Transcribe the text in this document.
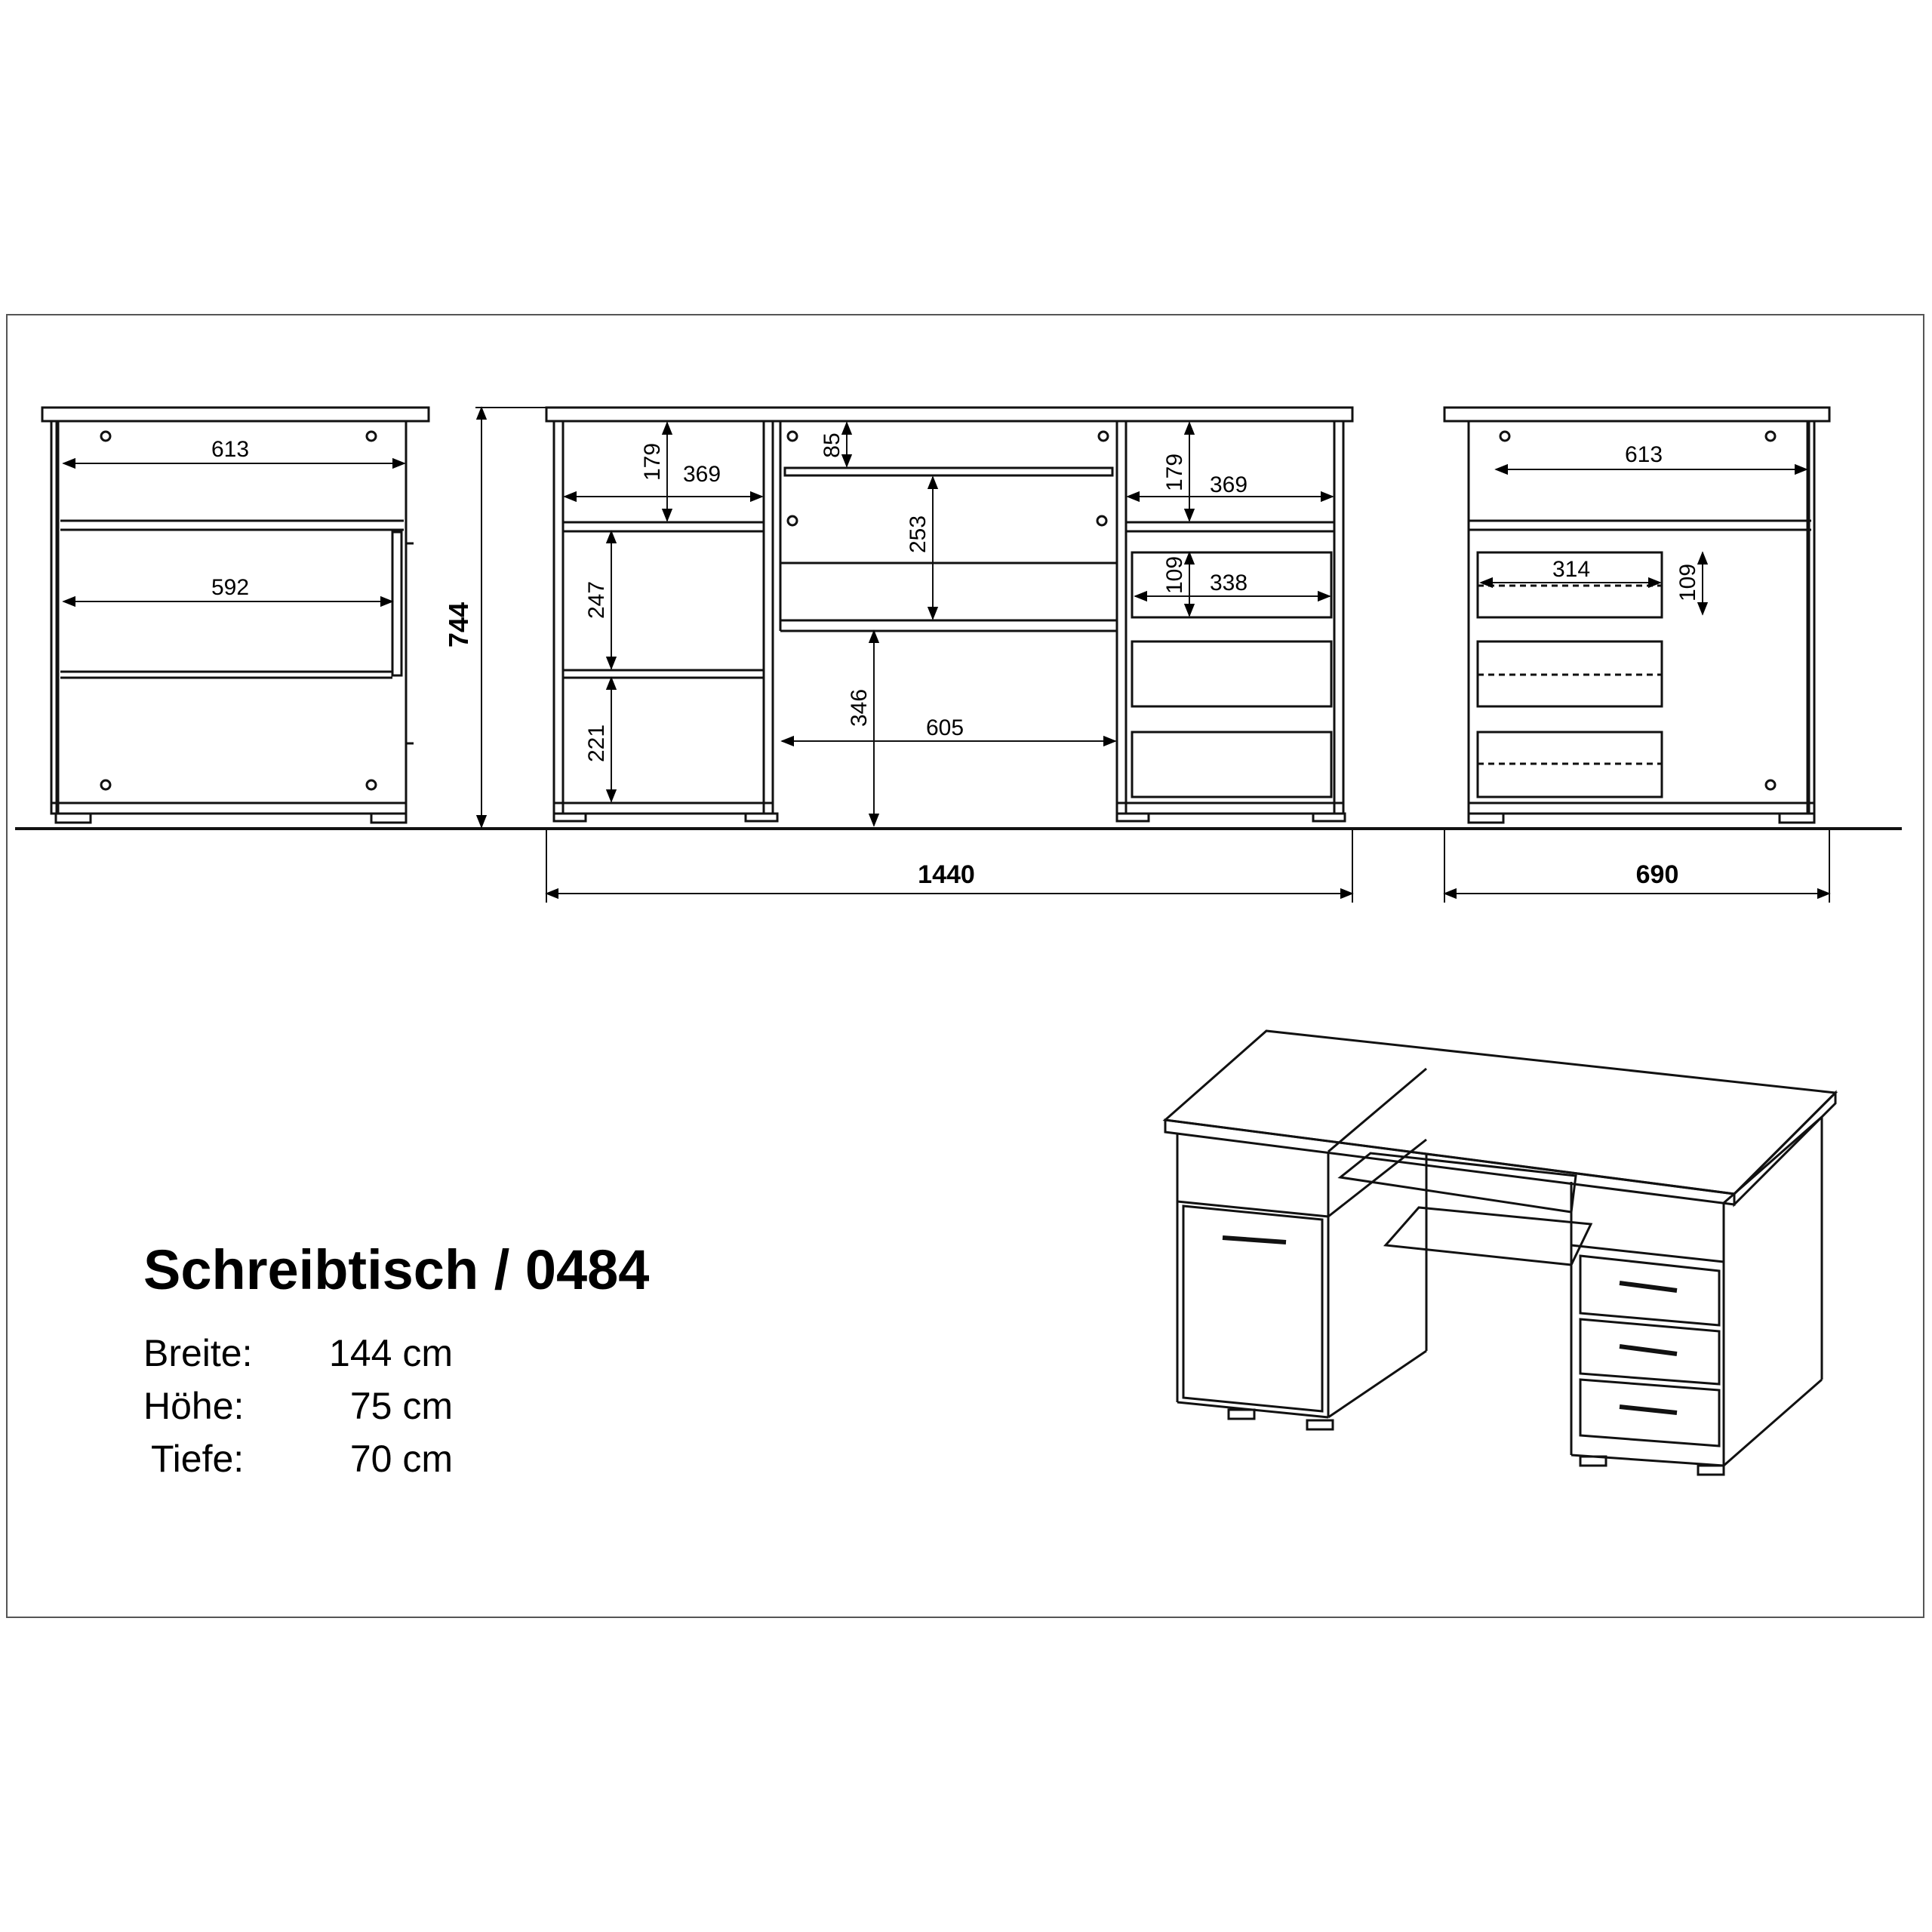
613
592
744
179 369
85
253
247
221
346
605
179 369
109 338
1440
613
314	109
690
Schreibtisch / 0484
Breite:	144 cm
Höhe:	75 cm
Tiefe:	70 cm
